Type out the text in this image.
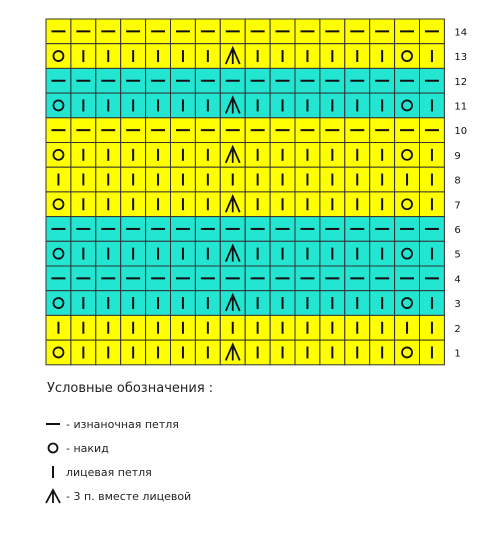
14
13
12
11
10
9
8
7
6
5
4
3
2
1
Условные обозначения :
- изнаночная петля
- накид
лицевая петля
- 3 п. вместе лицевой
